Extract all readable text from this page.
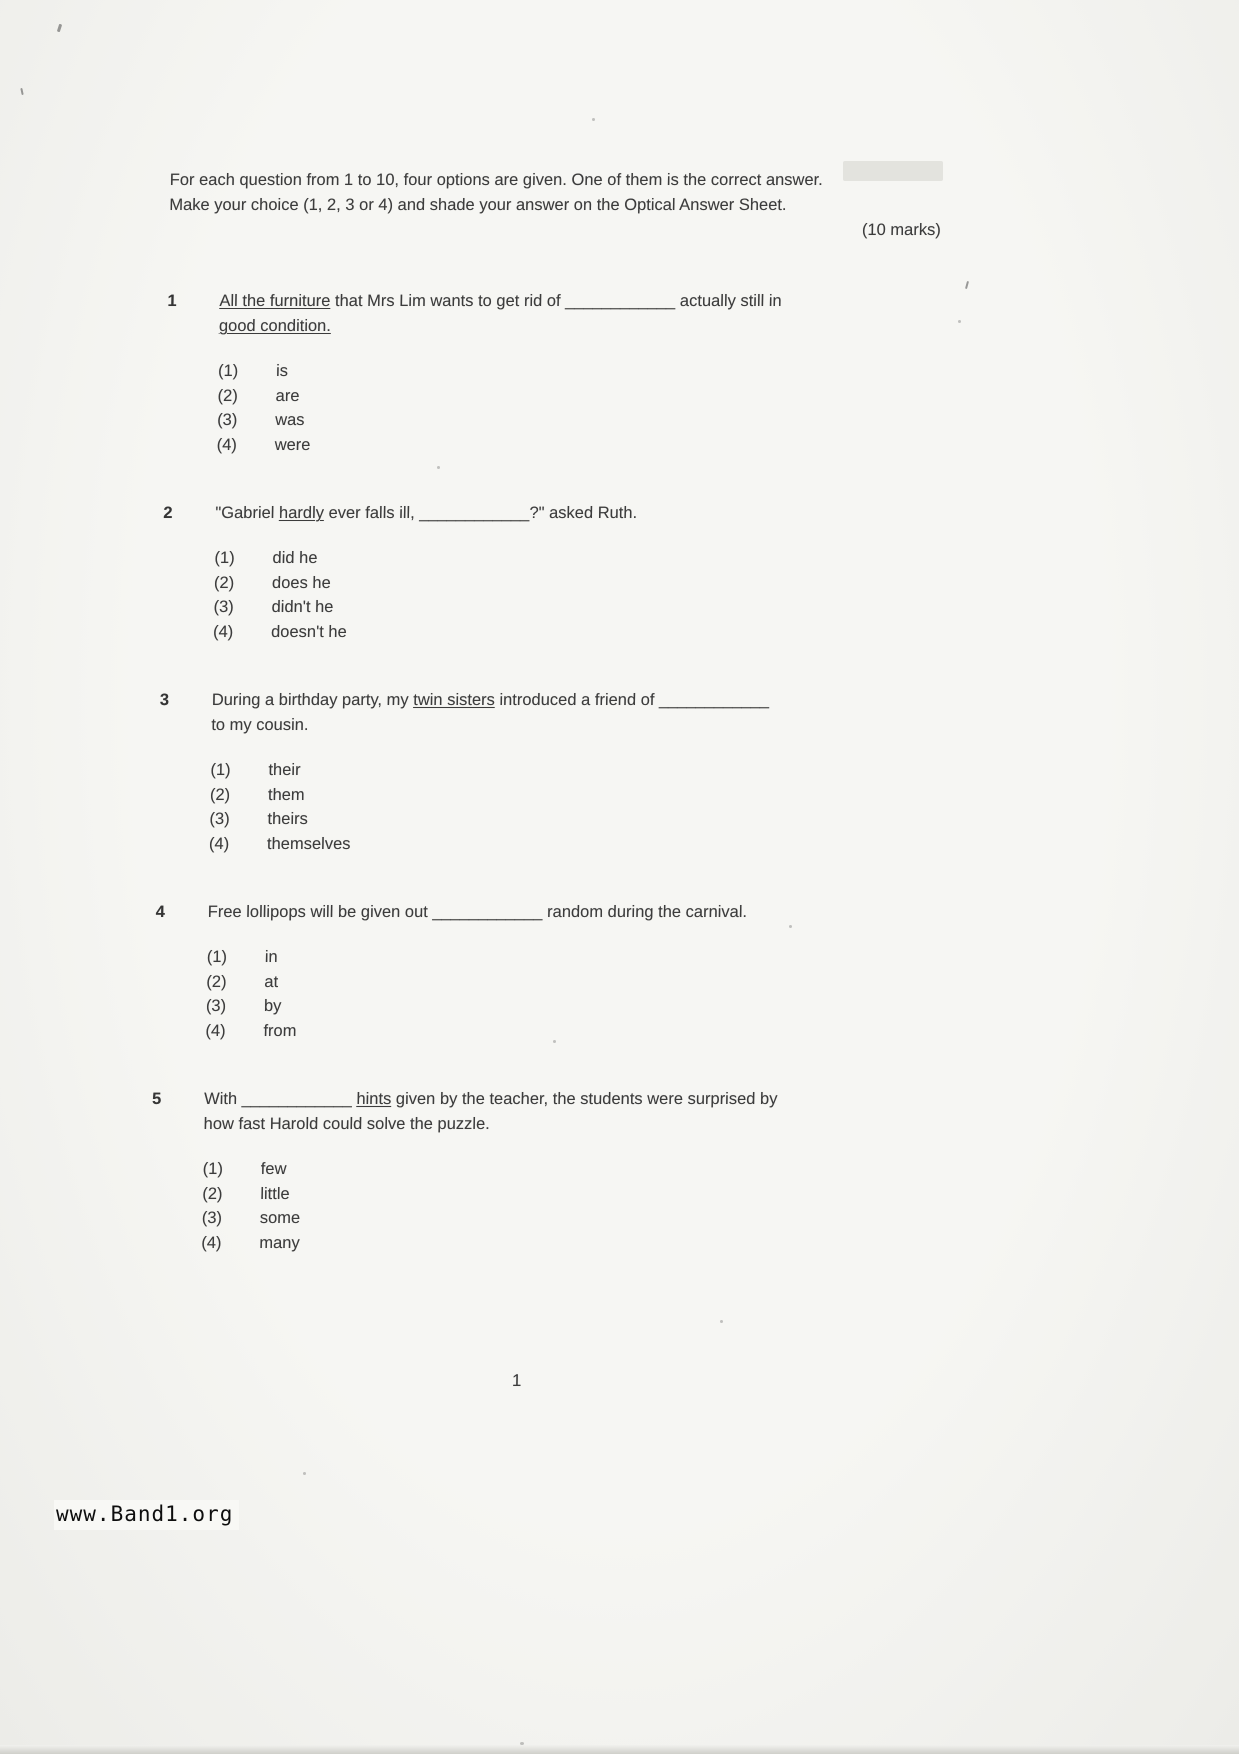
For each question from 1 to 10, four options are given. One of them is the correct answer.

Make your choice (1, 2, 3 or 4) and shade your answer on the Optical Answer Sheet.

(10 marks)

1	All the furniture that Mrs Lim wants to get rid of ____________ actually still in
good condition.

(1)	is
(2)	are
(3)	was
(4)	were
2	"Gabriel hardly ever falls ill, ____________?" asked Ruth.

(1)	did he
(2)	does he
(3)	didn't he
(4)	doesn't he
3	During a birthday party, my twin sisters introduced a friend of ____________
to my cousin.

(1)	their
(2)	them
(3)	theirs
(4)	themselves
4	Free lollipops will be given out ____________ random during the carnival.

(1)	in
(2)	at
(3)	by
(4)	from
5	With ____________ hints given by the teacher, the students were surprised by
how fast Harold could solve the puzzle.

(1)	few
(2)	little
(3)	some
(4)	many
1
www.Band1.org
